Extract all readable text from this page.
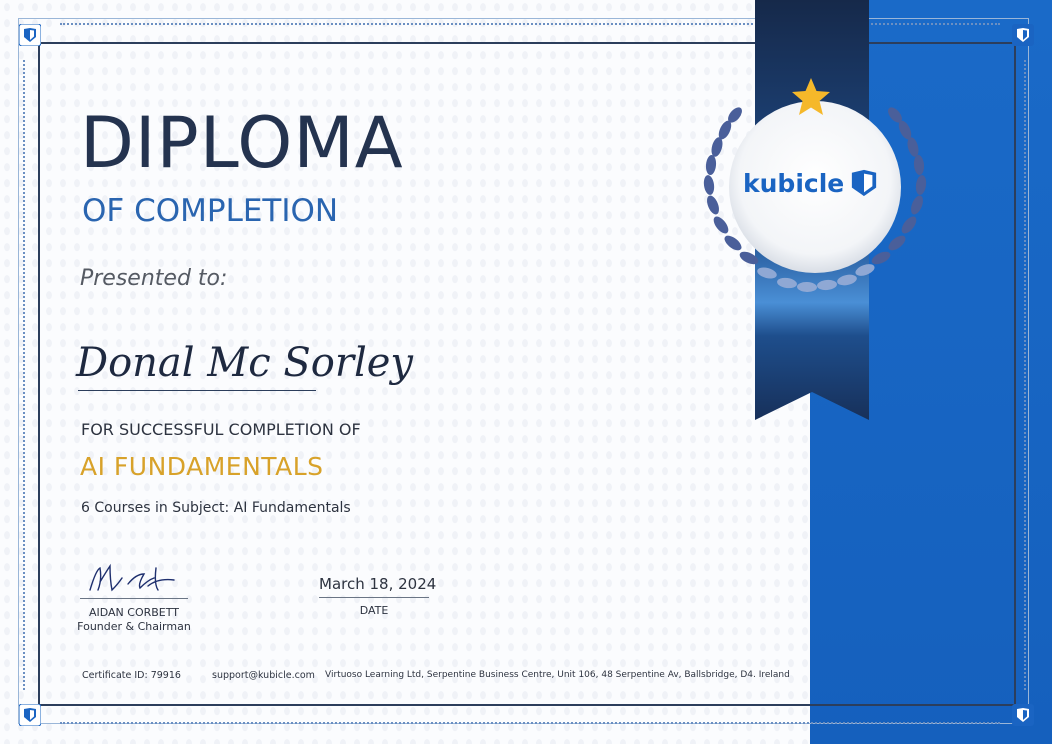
kubicle
DIPLOMA
OF COMPLETION
Presented to:
Donal Mc Sorley
FOR SUCCESSFUL COMPLETION OF
AI FUNDAMENTALS
6 Courses in Subject: AI Fundamentals
AIDAN CORBETT
Founder & Chairman
March 18, 2024
DATE
Certificate ID: 79916	support@kubicle.com Virtuoso Learning Ltd, Serpentine Business Centre, Unit 106, 48 Serpentine Av, Ballsbridge, D4. Ireland
